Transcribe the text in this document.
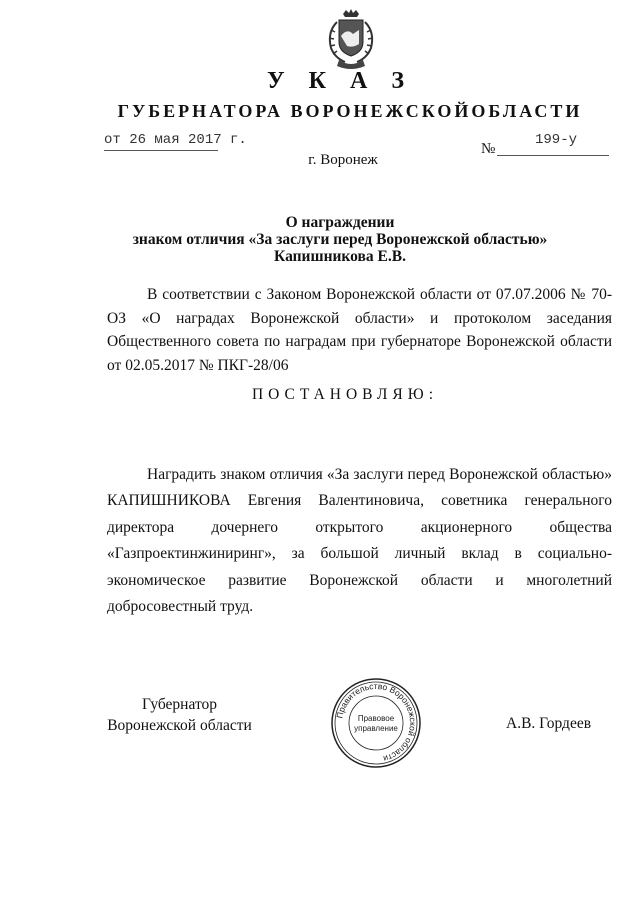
У К А З
ГУБЕРНАТОРА ВОРОНЕЖСКОЙОБЛАСТИ
от 26 мая 2017 г.
№
199-у
г. Воронеж
О награждении
знаком отличия «За заслуги перед Воронежской областью»
Капишникова Е.В.
В соответствии с Законом Воронежской области от 07.07.2006 № 70-ОЗ «О наградах Воронежской области» и протоколом заседания Общественного совета по наградам при губернаторе Воронежской области от 02.05.2017 № ПКГ-28/06
ПОСТАНОВЛЯЮ:
Наградить знаком отличия «За заслуги перед Воронежской областью» КАПИШНИКОВА Евгения Валентиновича, советника генерального директора дочернего открытого акционерного общества «Газпроектинжиниринг», за большой личный вклад в социально-экономическое развитие Воронежской области и многолетний добросовестный труд.
Губернатор
Воронежской области
Правительство Воронежской области
Правовое
управление	А.В. Гордеев
